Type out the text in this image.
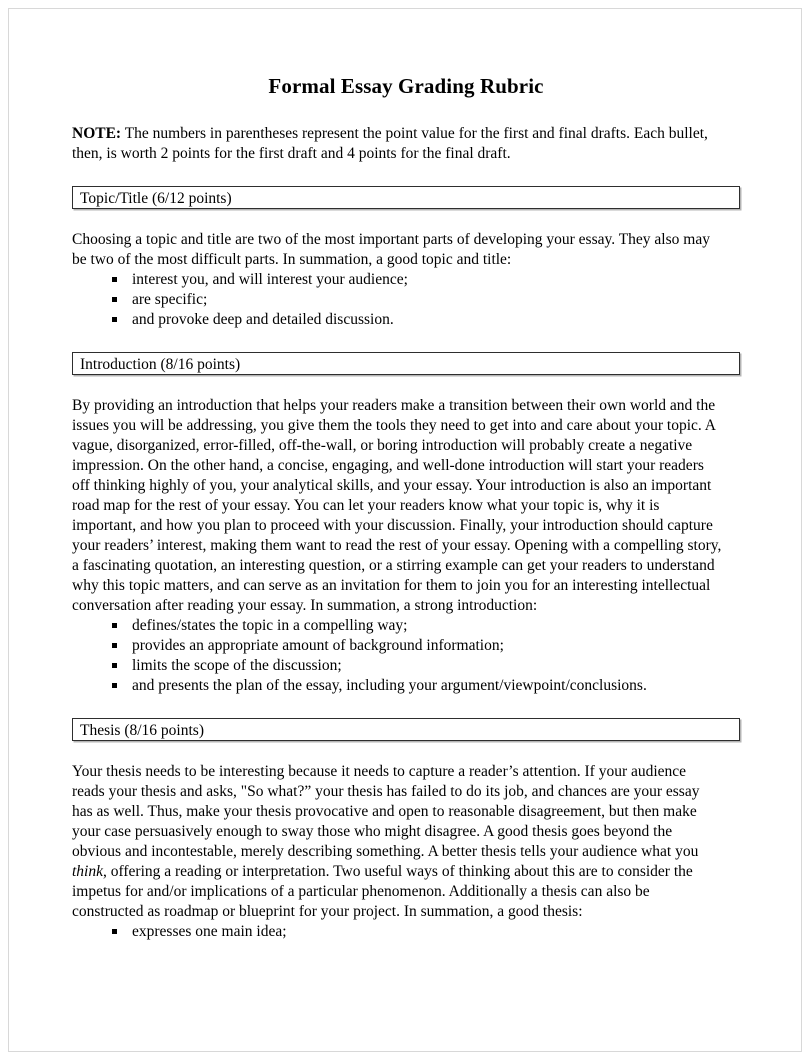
Formal Essay Grading Rubric

NOTE: The numbers in parentheses represent the point value for the first and final drafts. Each bullet, then, is worth 2 points for the first draft and 4 points for the final draft.

Topic/Title (6/12 points)

Choosing a topic and title are two of the most important parts of developing your essay. They also may be two of the most difficult parts. In summation, a good topic and title:

interest you, and will interest your audience;
are specific;
and provoke deep and detailed discussion.
Introduction (8/16 points)

By providing an introduction that helps your readers make a transition between their own world and the issues you will be addressing, you give them the tools they need to get into and care about your topic. A vague, disorganized, error-filled, off-the-wall, or boring introduction will probably create a negative impression. On the other hand, a concise, engaging, and well-done introduction will start your readers off thinking highly of you, your analytical skills, and your essay. Your introduction is also an important road map for the rest of your essay. You can let your readers know what your topic is, why it is important, and how you plan to proceed with your discussion. Finally, your introduction should capture your readers’ interest, making them want to read the rest of your essay. Opening with a compelling story, a fascinating quotation, an interesting question, or a stirring example can get your readers to understand why this topic matters, and can serve as an invitation for them to join you for an interesting intellectual conversation after reading your essay. In summation, a strong introduction:

defines/states the topic in a compelling way;
provides an appropriate amount of background information;
limits the scope of the discussion;
and presents the plan of the essay, including your argument/viewpoint/conclusions.
Thesis (8/16 points)

Your thesis needs to be interesting because it needs to capture a reader’s attention. If your audience reads your thesis and asks, "So what?” your thesis has failed to do its job, and chances are your essay has as well. Thus, make your thesis provocative and open to reasonable disagreement, but then make your case persuasively enough to sway those who might disagree. A good thesis goes beyond the obvious and incontestable, merely describing something. A better thesis tells your audience what you think, offering a reading or interpretation. Two useful ways of thinking about this are to consider the impetus for and/or implications of a particular phenomenon. Additionally a thesis can also be constructed as roadmap or blueprint for your project. In summation, a good thesis:

expresses one main idea;
